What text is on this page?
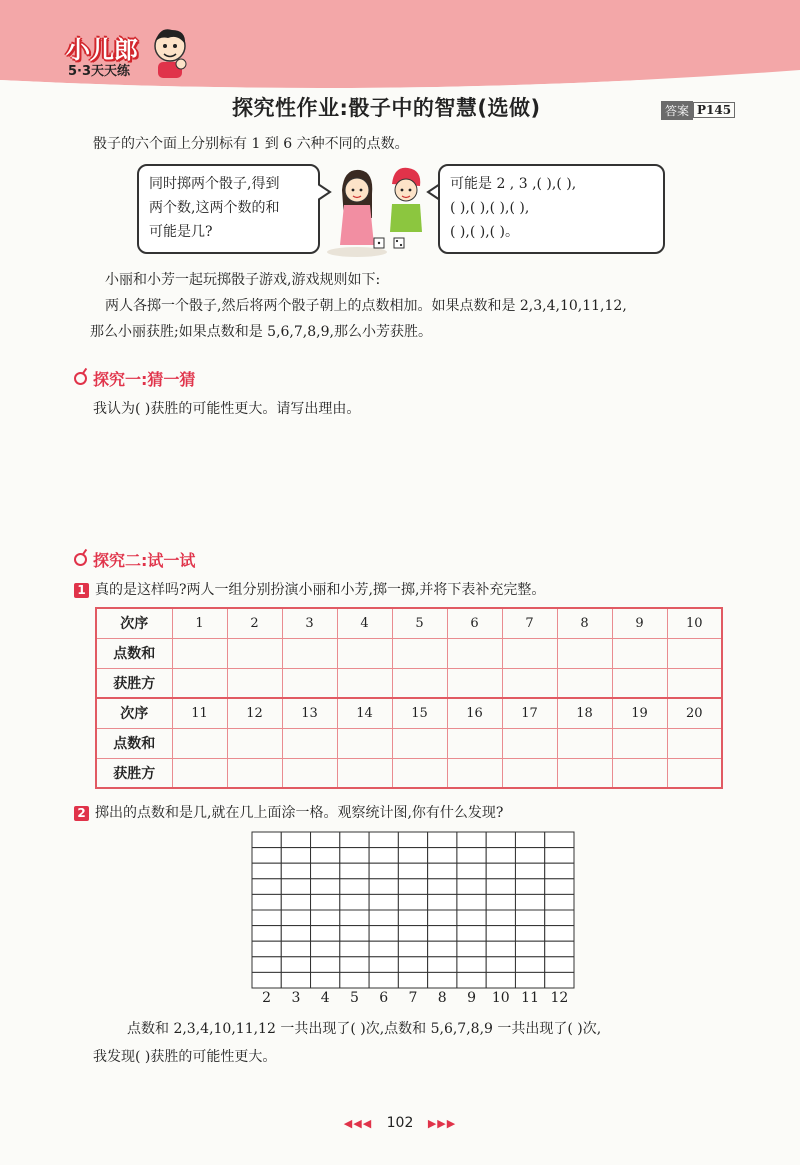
小儿郎
5·3天天练
探究性作业:骰子中的智慧(选做)	答案 P145
骰子的六个面上分别标有 1 到 6 六种不同的点数。
同时掷两个骰子,得到
两个数,这两个数的和
可能是几?
可能是 2 , 3 ,( ),( ),
( ),( ),( ),( ),
( ),( ),( )。
小丽和小芳一起玩掷骰子游戏,游戏规则如下:
两人各掷一个骰子,然后将两个骰子朝上的点数相加。如果点数和是 2,3,4,10,11,12,
那么小丽获胜;如果点数和是 5,6,7,8,9,那么小芳获胜。
探究一:猜一猜
我认为( )获胜的可能性更大。请写出理由。
探究二:试一试
1 真的是这样吗?两人一组分别扮演小丽和小芳,掷一掷,并将下表补充完整。
次序	1	2	3	4	5	6	7	8	9	10
点数和										
获胜方										
次序	11	12	13	14	15	16	17	18	19	20
点数和										
获胜方										
2 掷出的点数和是几,就在几上面涂一格。观察统计图,你有什么发现?
2 3 4 5 6 7 8 9 10 11 12
点数和 2,3,4,10,11,12 一共出现了( )次,点数和 5,6,7,8,9 一共出现了( )次,
我发现( )获胜的可能性更大。
◀◀◀ 102 ▶▶▶
